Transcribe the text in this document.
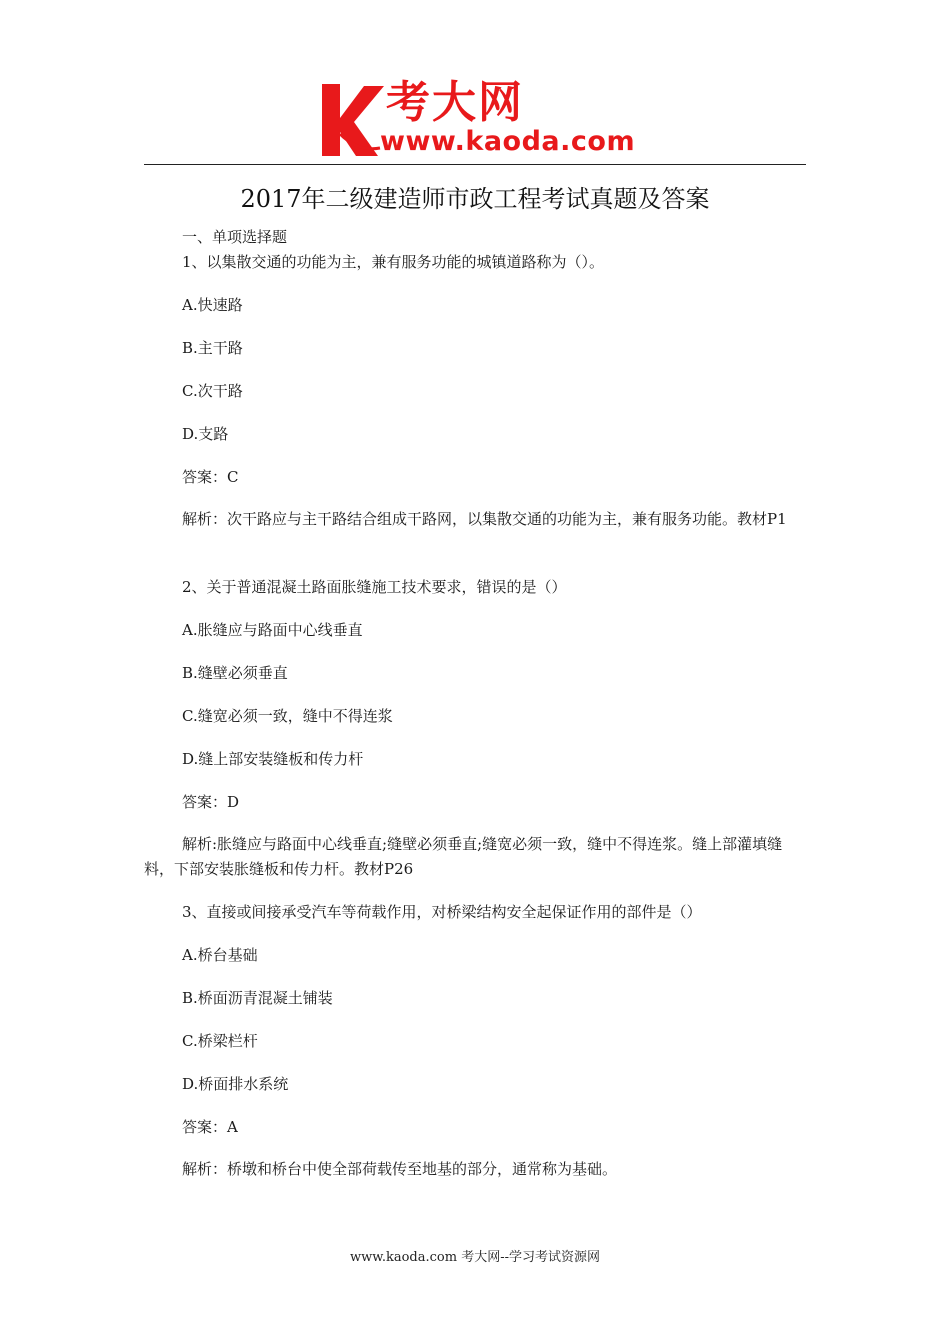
考大网
www.kaoda.com
2017年二级建造师市政工程考试真题及答案
一、单项选择题
1、以集散交通的功能为主，兼有服务功能的城镇道路称为（）。
A.快速路
B.主干路
C.次干路
D.支路
答案：C
解析：次干路应与主干路结合组成干路网，以集散交通的功能为主，兼有服务功能。教材P1
2、关于普通混凝土路面胀缝施工技术要求，错误的是（）
A.胀缝应与路面中心线垂直
B.缝壁必须垂直
C.缝宽必须一致，缝中不得连浆
D.缝上部安装缝板和传力杆
答案：D
解析:胀缝应与路面中心线垂直;缝壁必须垂直;缝宽必须一致，缝中不得连浆。缝上部灌填缝料，下部安装胀缝板和传力杆。教材P26
3、直接或间接承受汽车等荷载作用，对桥梁结构安全起保证作用的部件是（）
A.桥台基础
B.桥面沥青混凝土铺装
C.桥梁栏杆
D.桥面排水系统
答案：A
解析：桥墩和桥台中使全部荷载传至地基的部分，通常称为基础。
www.kaoda.com 考大网--学习考试资源网
